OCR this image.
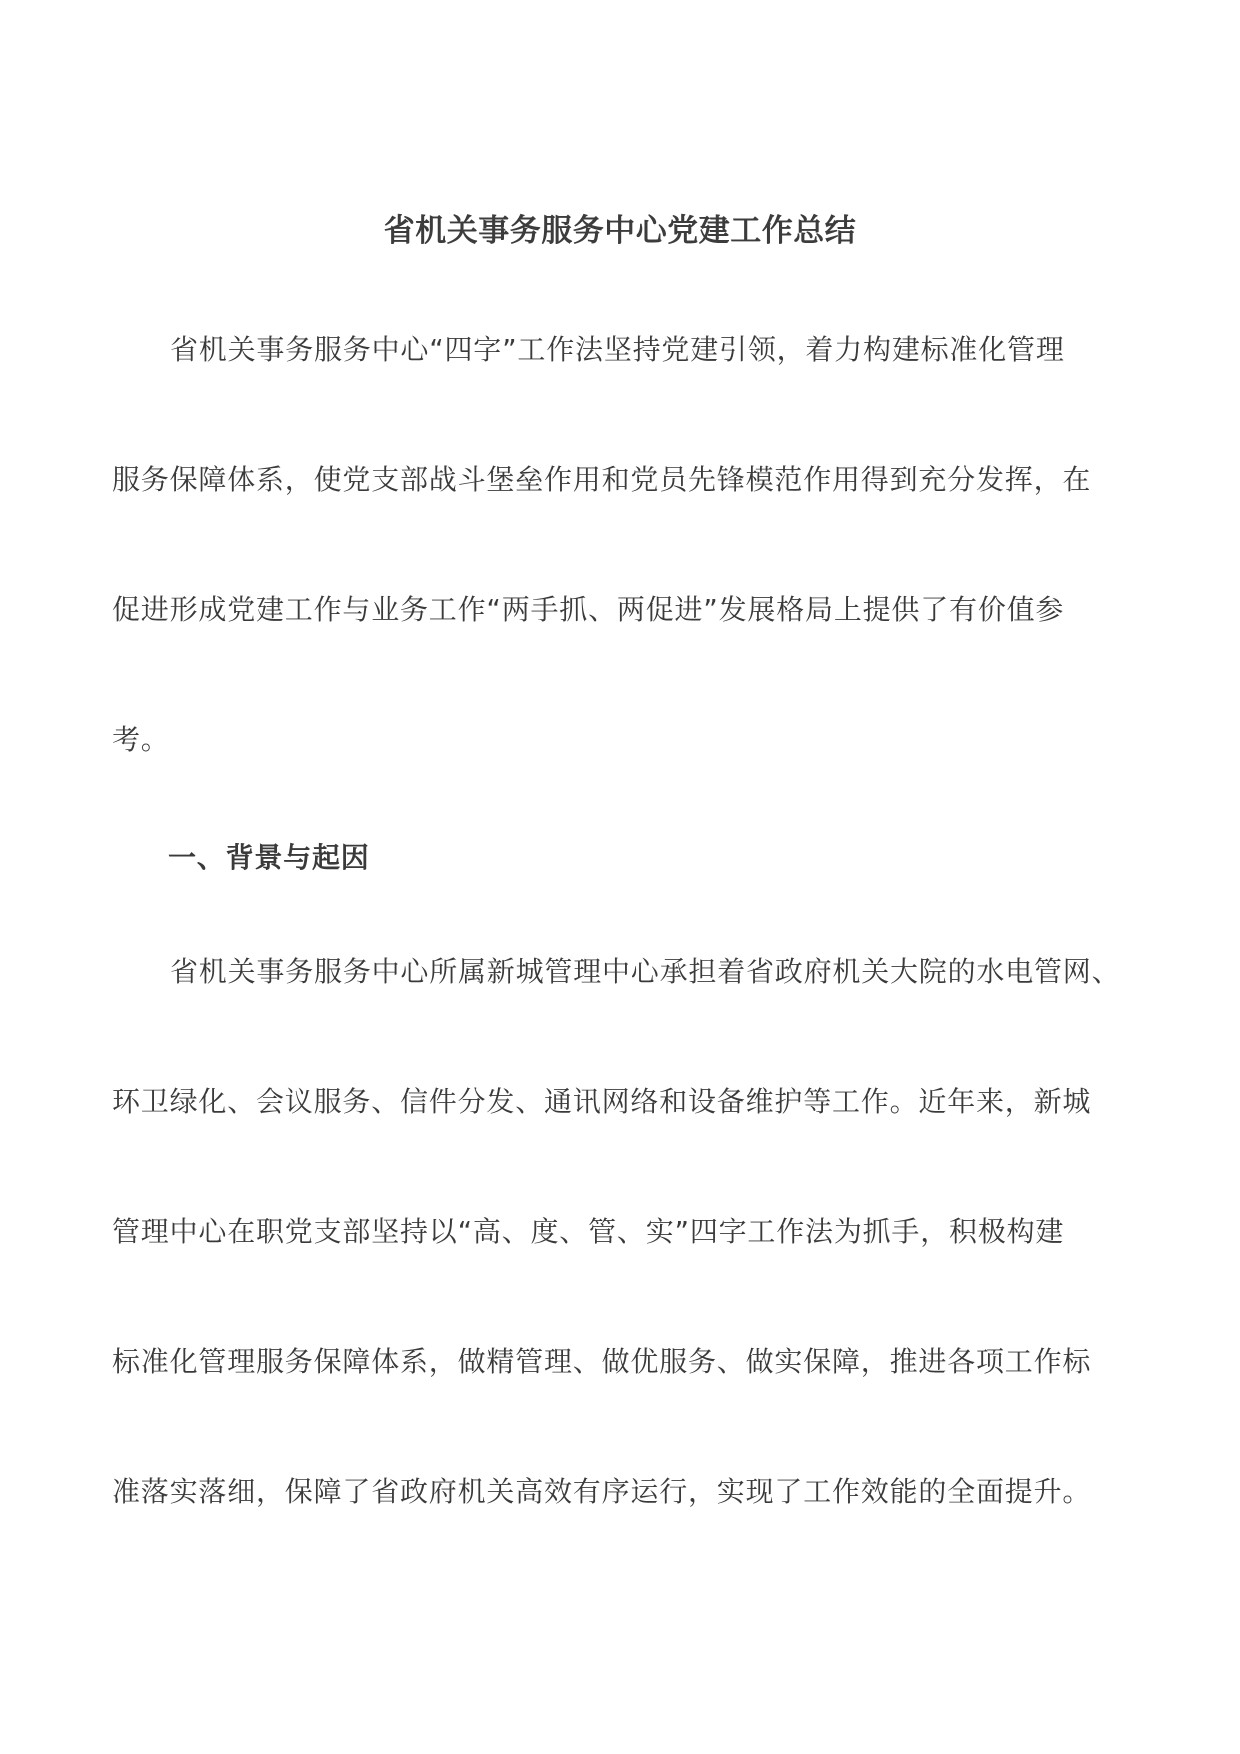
省机关事务服务中心党建工作总结
省机关事务服务中心“四字”工作法坚持党建引领，着力构建标准化管理
服务保障体系，使党支部战斗堡垒作用和党员先锋模范作用得到充分发挥，在
促进形成党建工作与业务工作“两手抓、两促进”发展格局上提供了有价值参
考。
一、背景与起因
省机关事务服务中心所属新城管理中心承担着省政府机关大院的水电管网、
环卫绿化、会议服务、信件分发、通讯网络和设备维护等工作。近年来，新城
管理中心在职党支部坚持以“高、度、管、实”四字工作法为抓手，积极构建
标准化管理服务保障体系，做精管理、做优服务、做实保障，推进各项工作标
准落实落细，保障了省政府机关高效有序运行，实现了工作效能的全面提升。
